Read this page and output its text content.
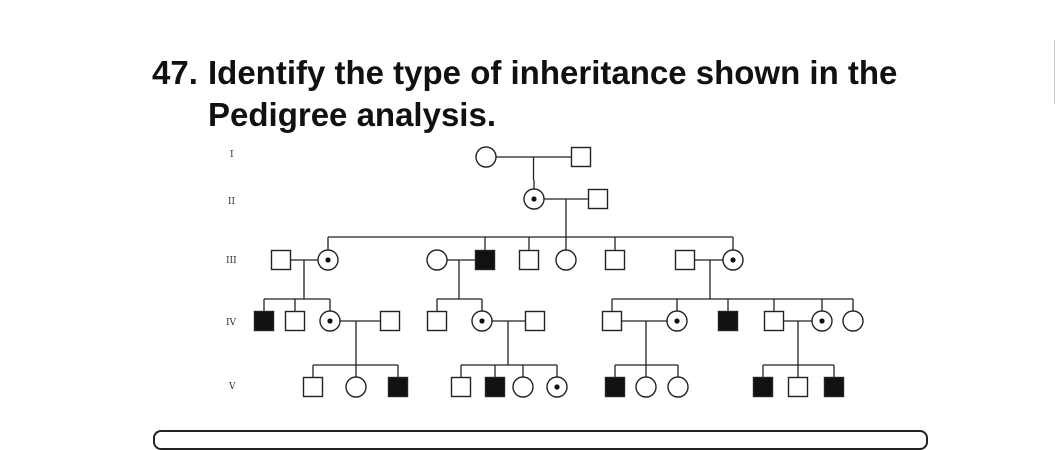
47. Identify the type of inheritance shown in the Pedigree analysis.
I
II
III
IV
V
